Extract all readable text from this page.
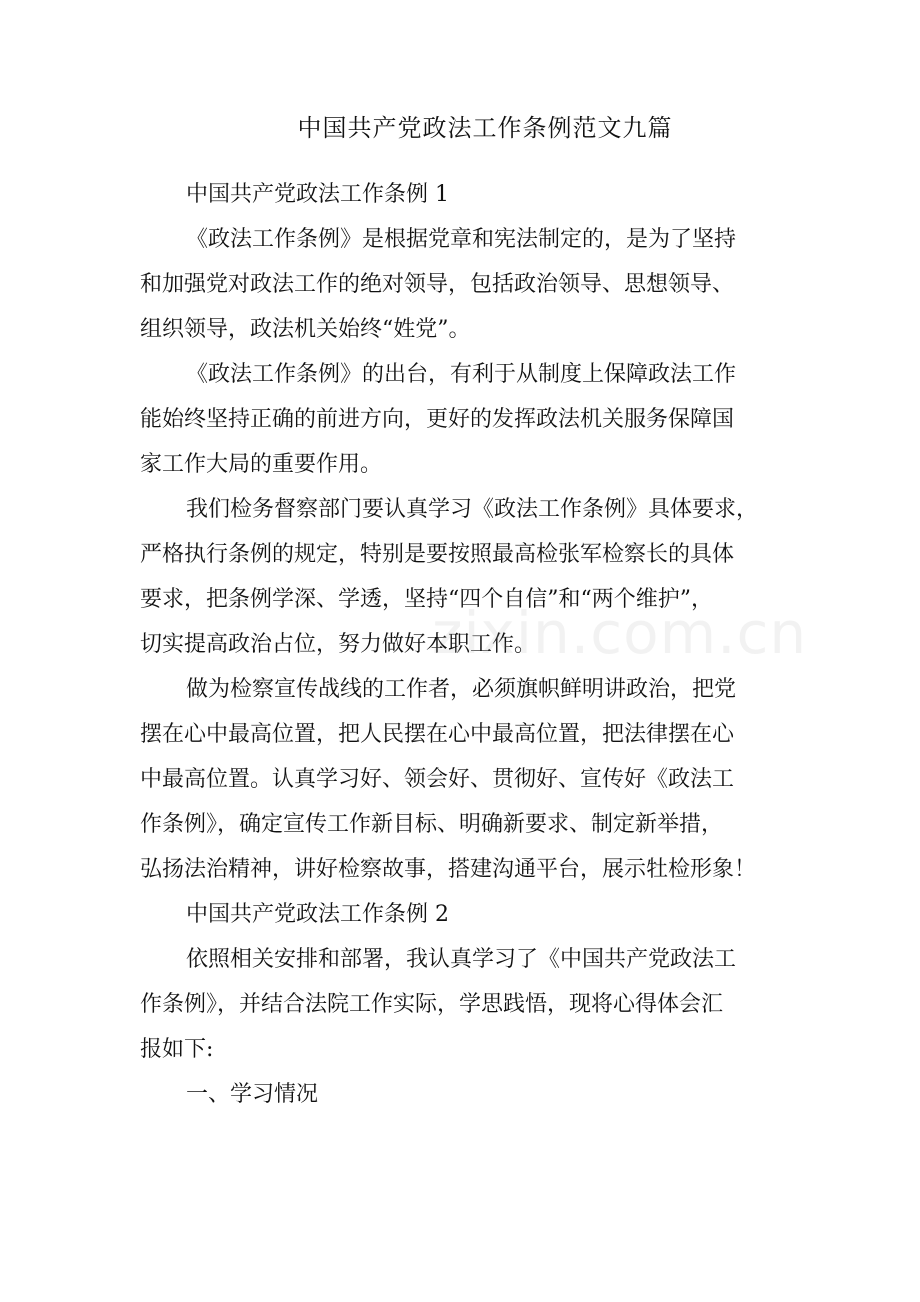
中国共产党政法工作条例范文九篇
中国共产党政法工作条例 1
《政法工作条例》是根据党章和宪法制定的，是为了坚持
和加强党对政法工作的绝对领导，包括政治领导、思想领导、
组织领导，政法机关始终“姓党”。
《政法工作条例》的出台，有利于从制度上保障政法工作
能始终坚持正确的前进方向，更好的发挥政法机关服务保障国
家工作大局的重要作用。
我们检务督察部门要认真学习《政法工作条例》具体要求，
严格执行条例的规定，特别是要按照最高检张军检察长的具体
要求，把条例学深、学透，坚持“四个自信”和“两个维护”，
切实提高政治占位，努力做好本职工作。
做为检察宣传战线的工作者，必须旗帜鲜明讲政治，把党
摆在心中最高位置，把人民摆在心中最高位置，把法律摆在心
中最高位置。认真学习好、领会好、贯彻好、宣传好《政法工
作条例》，确定宣传工作新目标、明确新要求、制定新举措，
弘扬法治精神，讲好检察故事，搭建沟通平台，展示牡检形象！
中国共产党政法工作条例 2
依照相关安排和部署，我认真学习了《中国共产党政法工
作条例》，并结合法院工作实际，学思践悟，现将心得体会汇
报如下:
一、学习情况
zixin.com.cn
